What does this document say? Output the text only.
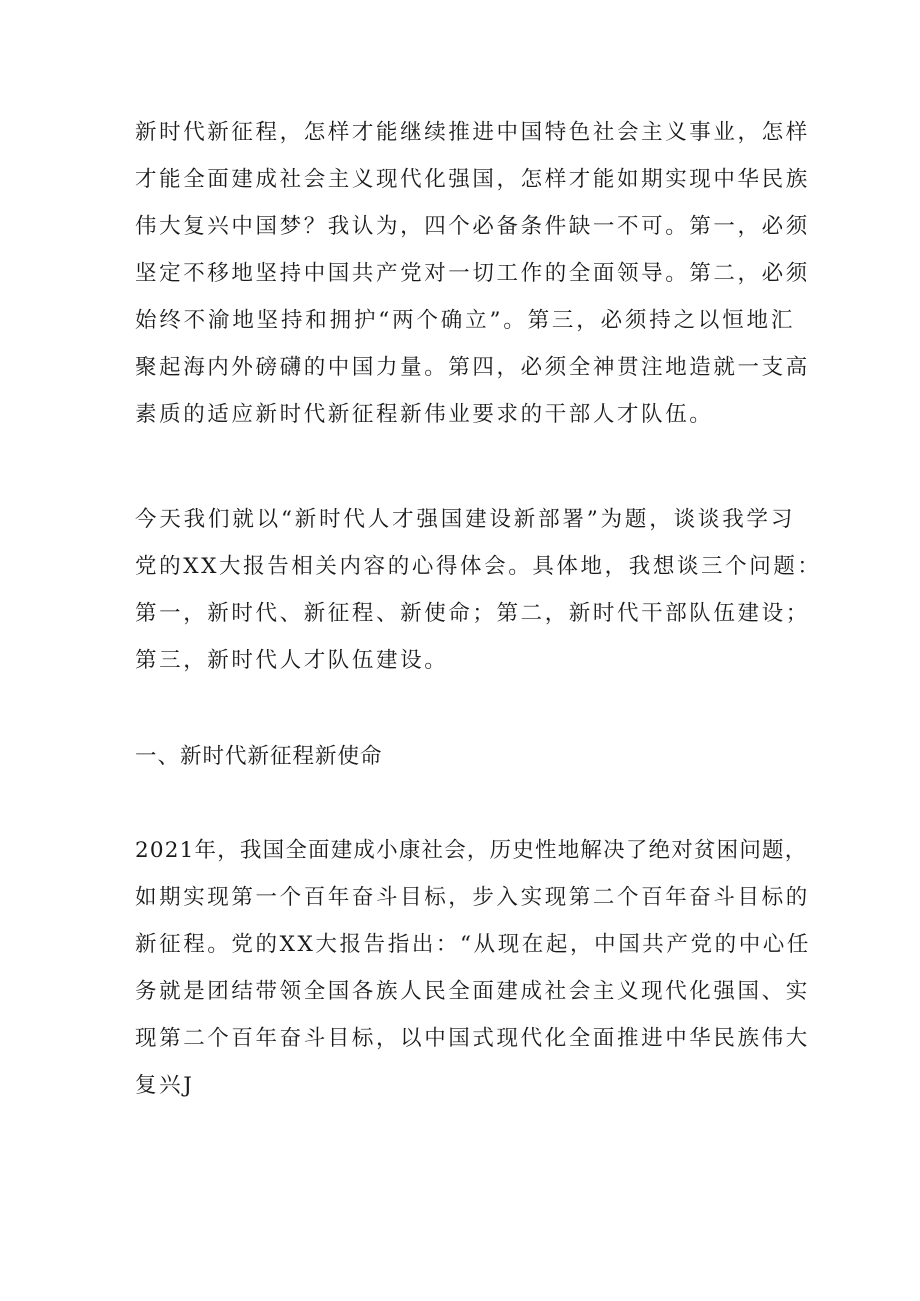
新时代新征程，怎样才能继续推进中国特色社会主义事业，怎样

才能全面建成社会主义现代化强国，怎样才能如期实现中华民族

伟大复兴中国梦？我认为，四个必备条件缺一不可。第一，必须

坚定不移地坚持中国共产党对一切工作的全面领导。第二，必须

始终不渝地坚持和拥护“两个确立”。第三，必须持之以恒地汇

聚起海内外磅礴的中国力量。第四，必须全神贯注地造就一支高

素质的适应新时代新征程新伟业要求的干部人才队伍。

今天我们就以“新时代人才强国建设新部署”为题，谈谈我学习

党的XX大报告相关内容的心得体会。具体地，我想谈三个问题：

第一，新时代、新征程、新使命；第二，新时代干部队伍建设；

第三，新时代人才队伍建设。

一、新时代新征程新使命

2021年，我国全面建成小康社会，历史性地解决了绝对贫困问题，

如期实现第一个百年奋斗目标，步入实现第二个百年奋斗目标的

新征程。党的XX大报告指出：“从现在起，中国共产党的中心任

务就是团结带领全国各族人民全面建成社会主义现代化强国、实

现第二个百年奋斗目标，以中国式现代化全面推进中华民族伟大

复兴J
